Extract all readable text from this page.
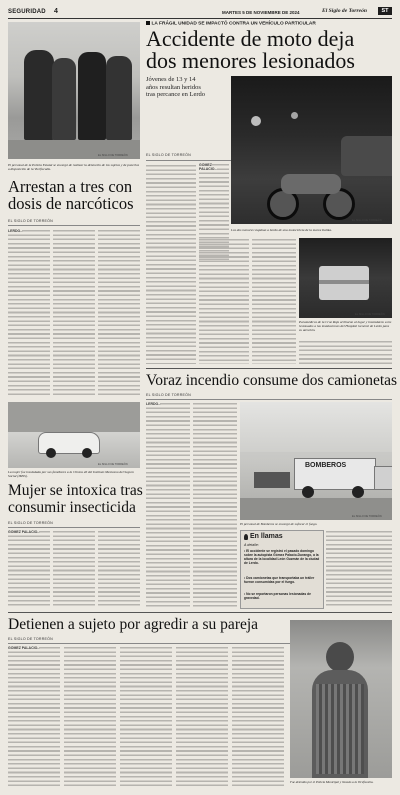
SEGURIDAD 4	MARTES 5 DE NOVIEMBRE DE 2024	El Siglo de Torreón	ST
EL SIGLO DE TORREÓN
El personal de la Policía Estatal se encargó de realizar la detención de los sujetos y de ponerlos a disposición de la Vicefiscalía.
Arrestan a tres con
dosis de narcóticos
EL SIGLO DE TORREÓN
LERDO.-
LA FRÁGIL UNIDAD SE IMPACTÓ CONTRA UN VEHÍCULO PARTICULAR
Accidente de moto deja
dos menores lesionados
Jóvenes de 13 y 14 años resultan heridos tras percance en Lerdo
EL SIGLO DE TORREÓN
EL SIGLO DE TORREÓN
Los dos menores viajaban a bordo de una motocicleta de la marca Italika.
GÓMEZ PALACIO.-
EL SIGLO DE TORREÓN
Paramédicos de la Cruz Roja arribaron al lugar y trasladaron a los lesionados a las instalaciones del Hospital General de Lerdo para su atención.
Voraz incendio consume dos camionetas
EL SIGLO DE TORREÓN
LERDO.-
BOMBEROS
EL SIGLO DE TORREÓN
El personal de Bomberos se encargó de sofocar el fuego.
En llamas
A detalle:
• El accidente se registró el pasado domingo sobre la autopista Gómez Palacio-Durango, a la altura de la localidad León Guzmán de la ciudad de Lerdo.
• Dos camionetas que transportaba un tráiler fueron consumidas por el fuego.
• No se reportaron personas lesionadas de gravedad.
EL SIGLO DE TORREÓN
La mujer fue trasladada por sus familiares a la Clínica 46 del Instituto Mexicano del Seguro Social (IMSS).
Mujer se intoxica tras
consumir insecticida
EL SIGLO DE TORREÓN
GÓMEZ PALACIO.-
Detienen a sujeto por agredir a su pareja
EL SIGLO DE TORREÓN
GÓMEZ PALACIO.-
Fue detenido por el Policía Municipal y llevado a la Vicefiscalía.
